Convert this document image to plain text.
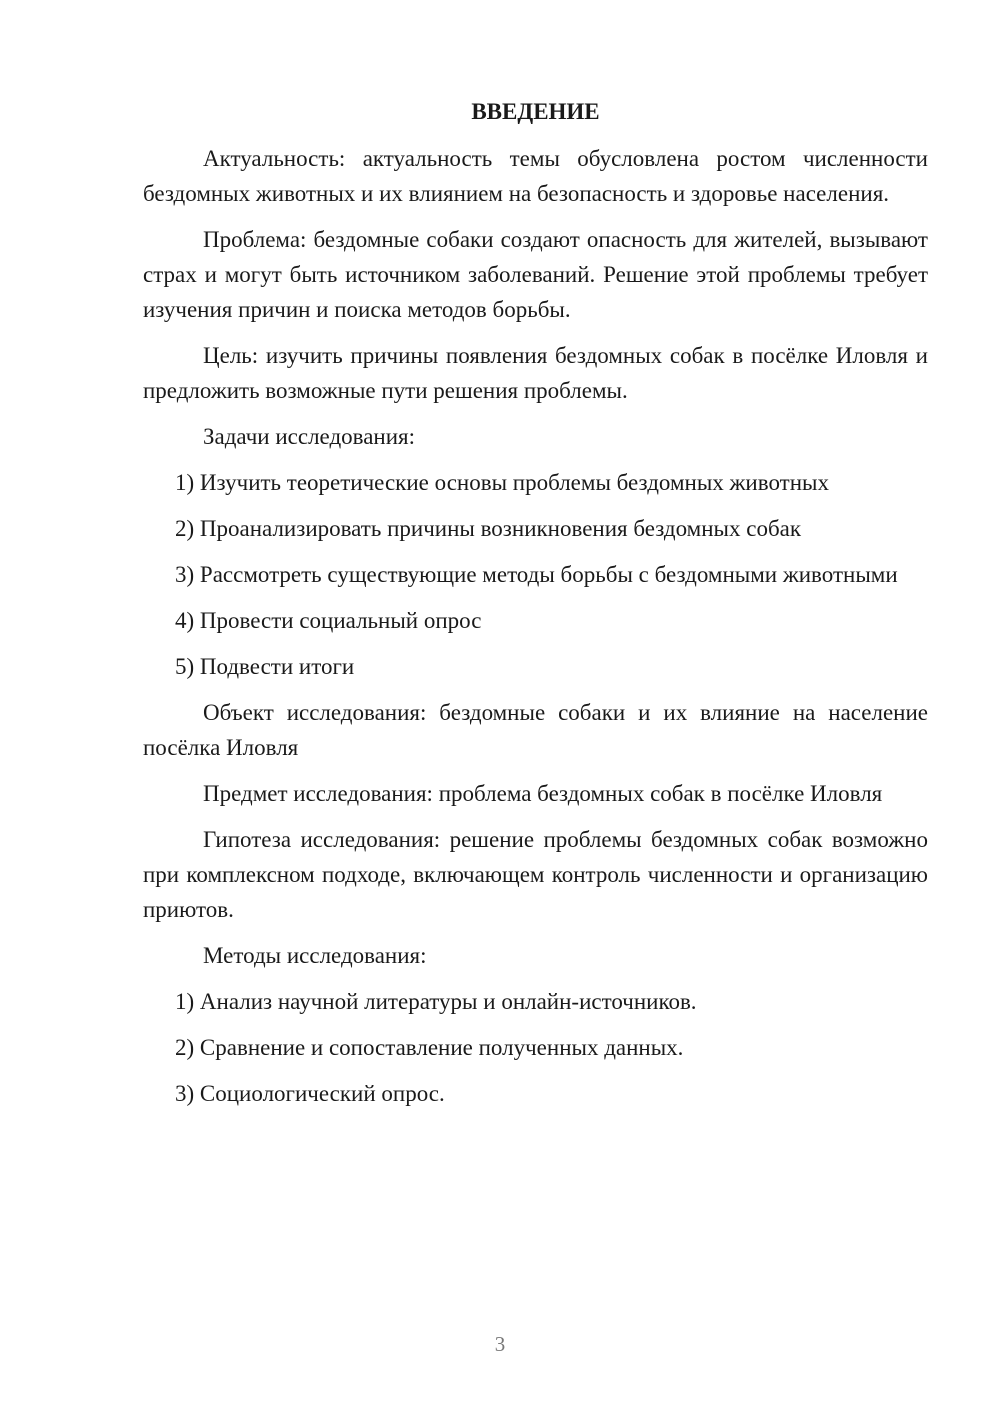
ВВЕДЕНИЕ

Актуальность: актуальность темы обусловлена ростом численности бездомных животных и их влиянием на безопасность и здоровье населения.

Проблема: бездомные собаки создают опасность для жителей, вызывают страх и могут быть источником заболеваний. Решение этой проблемы требует изучения причин и поиска методов борьбы.

Цель: изучить причины появления бездомных собак в посёлке Иловля и предложить возможные пути решения проблемы.

Задачи исследования:

1) Изучить теоретические основы проблемы бездомных животных

2) Проанализировать причины возникновения бездомных собак

3) Рассмотреть существующие методы борьбы с бездомными животными

4) Провести социальный опрос

5) Подвести итоги

Объект исследования: бездомные собаки и их влияние на население посёлка Иловля

Предмет исследования: проблема бездомных собак в посёлке Иловля

Гипотеза исследования: решение проблемы бездомных собак возможно при комплексном подходе, включающем контроль численности и организацию приютов.

Методы исследования:

1) Анализ научной литературы и онлайн-источников.

2) Сравнение и сопоставление полученных данных.

3) Социологический опрос.

3
